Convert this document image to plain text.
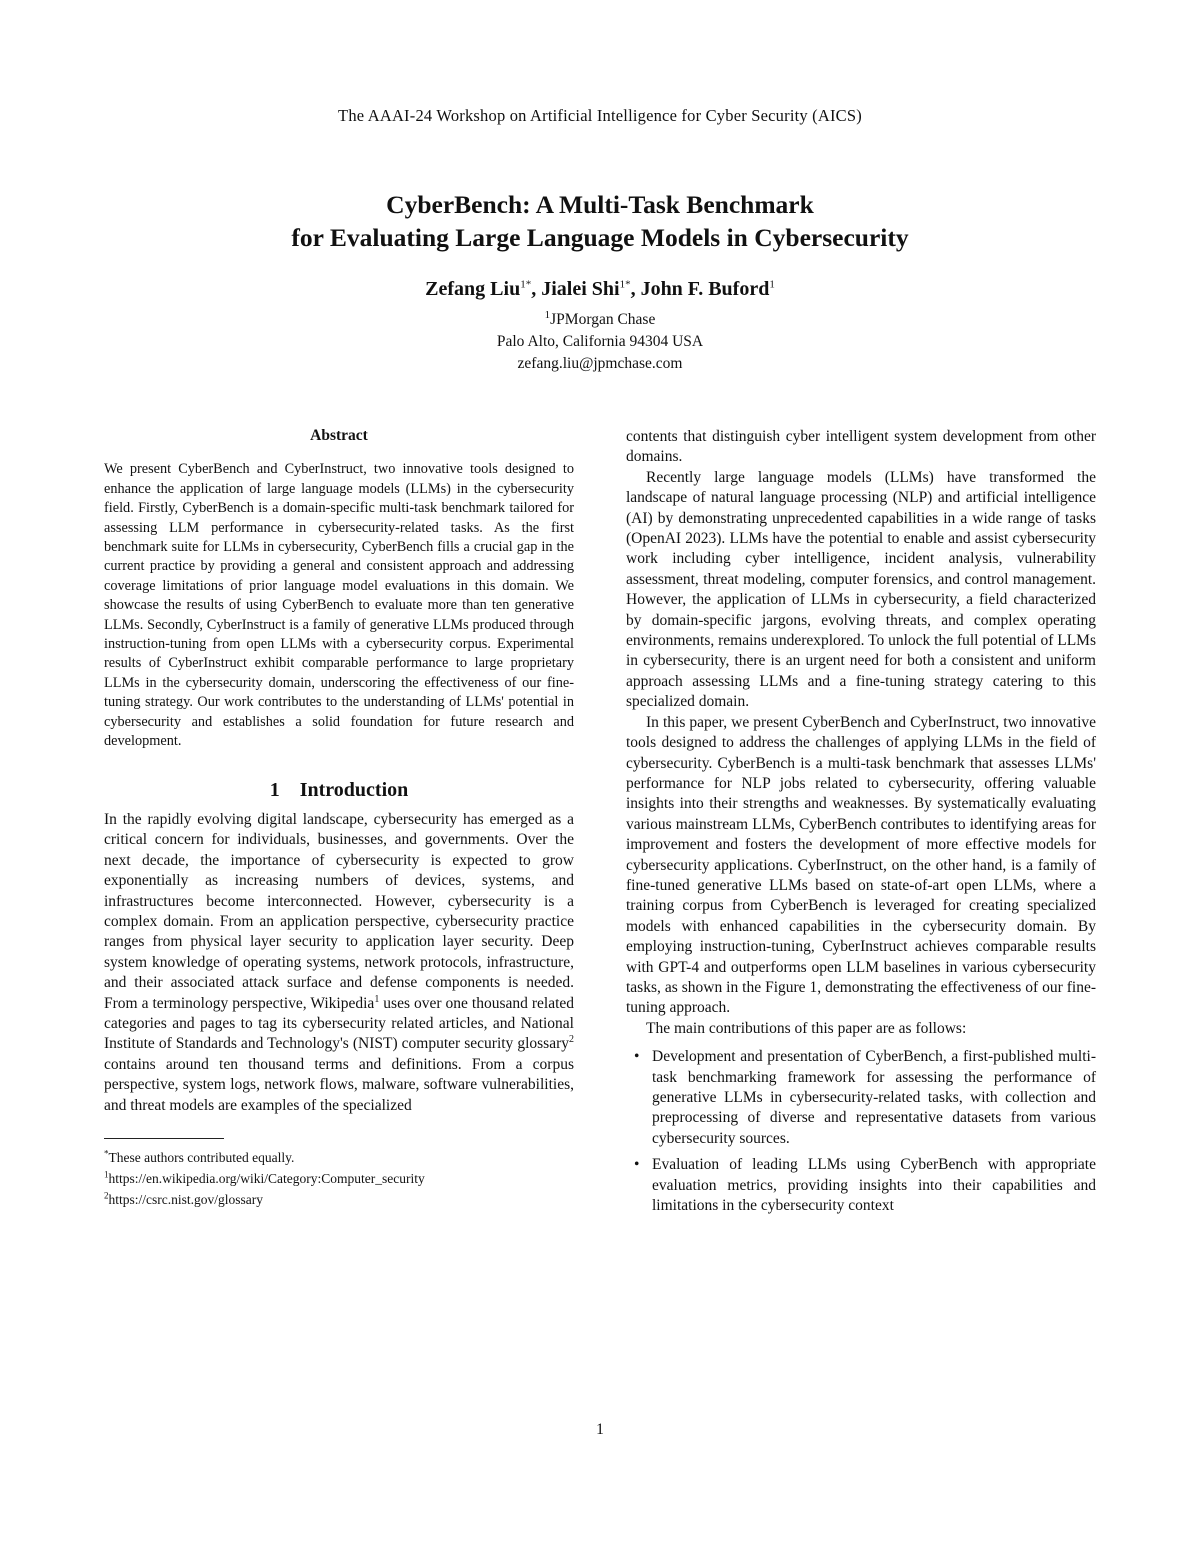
The AAAI-24 Workshop on Artificial Intelligence for Cyber Security (AICS)
CyberBench: A Multi-Task Benchmark
for Evaluating Large Language Models in Cybersecurity
Zefang Liu$^{1*}$, Jialei Shi$^{1*}$, John F. Buford$^1$
$^1$JPMorgan Chase
Palo Alto, California 94304 USA
zefang.liu@jpmchase.com
Abstract

We present CyberBench and CyberInstruct, two innovative tools designed to enhance the application of large language models (LLMs) in the cybersecurity field. Firstly, CyberBench is a domain-specific multi-task benchmark tailored for assessing LLM performance in cybersecurity-related tasks. As the first benchmark suite for LLMs in cybersecurity, CyberBench fills a crucial gap in the current practice by providing a general and consistent approach and addressing coverage limitations of prior language model evaluations in this domain. We showcase the results of using CyberBench to evaluate more than ten generative LLMs. Secondly, CyberInstruct is a family of generative LLMs produced through instruction-tuning from open LLMs with a cybersecurity corpus. Experimental results of CyberInstruct exhibit comparable performance to large proprietary LLMs in the cybersecurity domain, underscoring the effectiveness of our fine-tuning strategy. Our work contributes to the understanding of LLMs' potential in cybersecurity and establishes a solid foundation for future research and development.

1 Introduction

In the rapidly evolving digital landscape, cybersecurity has emerged as a critical concern for individuals, businesses, and governments. Over the next decade, the importance of cybersecurity is expected to grow exponentially as increasing numbers of devices, systems, and infrastructures become interconnected. However, cybersecurity is a complex domain. From an application perspective, cybersecurity practice ranges from physical layer security to application layer security. Deep system knowledge of operating systems, network protocols, infrastructure, and their associated attack surface and defense components is needed. From a terminology perspective, Wikipedia$^1$ uses over one thousand related categories and pages to tag its cybersecurity related articles, and National Institute of Standards and Technology's (NIST) computer security glossary$^2$ contains around ten thousand terms and definitions. From a corpus perspective, system logs, network flows, malware, software vulnerabilities, and threat models are examples of the specialized

*These authors contributed equally.
$^1$https://en.wikipedia.org/wiki/Category:Computer_security
$^2$https://csrc.nist.gov/glossary

contents that distinguish cyber intelligent system development from other domains.

Recently large language models (LLMs) have transformed the landscape of natural language processing (NLP) and artificial intelligence (AI) by demonstrating unprecedented capabilities in a wide range of tasks (OpenAI 2023). LLMs have the potential to enable and assist cybersecurity work including cyber intelligence, incident analysis, vulnerability assessment, threat modeling, computer forensics, and control management. However, the application of LLMs in cybersecurity, a field characterized by domain-specific jargons, evolving threats, and complex operating environments, remains underexplored. To unlock the full potential of LLMs in cybersecurity, there is an urgent need for both a consistent and uniform approach assessing LLMs and a fine-tuning strategy catering to this specialized domain.

In this paper, we present CyberBench and CyberInstruct, two innovative tools designed to address the challenges of applying LLMs in the field of cybersecurity. CyberBench is a multi-task benchmark that assesses LLMs' performance for NLP jobs related to cybersecurity, offering valuable insights into their strengths and weaknesses. By systematically evaluating various mainstream LLMs, CyberBench contributes to identifying areas for improvement and fosters the development of more effective models for cybersecurity applications. CyberInstruct, on the other hand, is a family of fine-tuned generative LLMs based on state-of-art open LLMs, where a training corpus from CyberBench is leveraged for creating specialized models with enhanced capabilities in the cybersecurity domain. By employing instruction-tuning, CyberInstruct achieves comparable results with GPT-4 and outperforms open LLM baselines in various cybersecurity tasks, as shown in the Figure 1, demonstrating the effectiveness of our fine-tuning approach.

The main contributions of this paper are as follows:

• Development and presentation of CyberBench, a first-published multi-task benchmarking framework for assessing the performance of generative LLMs in cybersecurity-related tasks, with collection and preprocessing of diverse and representative datasets from various cybersecurity sources.
• Evaluation of leading LLMs using CyberBench with appropriate evaluation metrics, providing insights into their capabilities and limitations in the cybersecurity context
1
